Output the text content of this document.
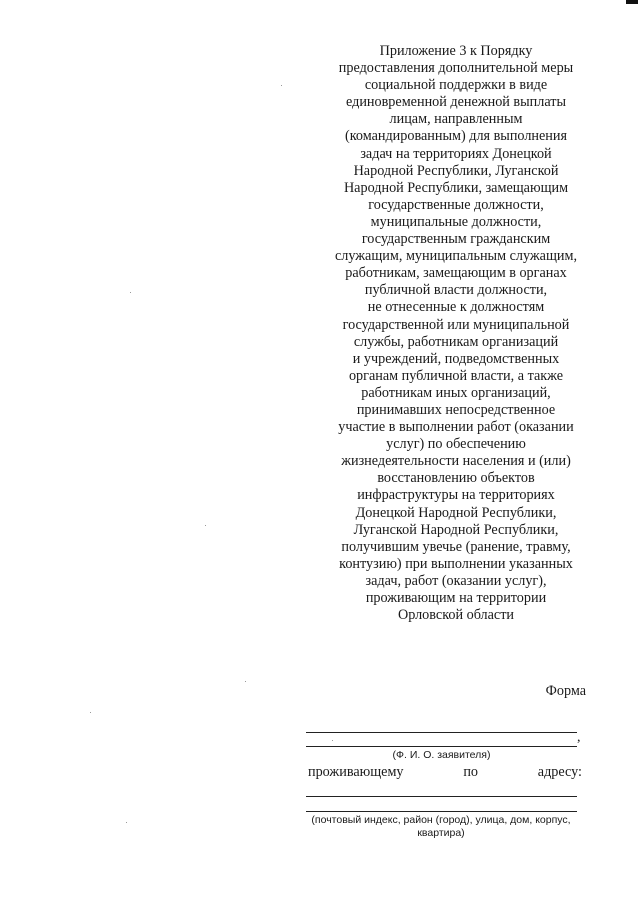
Приложение 3 к Порядку
предоставления дополнительной меры
социальной поддержки в виде
единовременной денежной выплаты
лицам, направленным
(командированным) для выполнения
задач на территориях Донецкой
Народной Республики, Луганской
Народной Республики, замещающим
государственные должности,
муниципальные должности,
государственным гражданским
служащим, муниципальным служащим,
работникам, замещающим в органах
публичной власти должности,
не отнесенные к должностям
государственной или муниципальной
службы, работникам организаций
и учреждений, подведомственных
органам публичной власти, а также
работникам иных организаций,
принимавших непосредственное
участие в выполнении работ (оказании
услуг) по обеспечению
жизнедеятельности населения и (или)
восстановлению объектов
инфраструктуры на территориях
Донецкой Народной Республики,
Луганской Народной Республики,
получившим увечье (ранение, травму,
контузию) при выполнении указанных
задач, работ (оказании услуг),
проживающим на территории
Орловской области
Форма
,
(Ф. И. О. заявителя)
проживающему	по	адресу:
(почтовый индекс, район (город), улица, дом, корпус,
квартира)
